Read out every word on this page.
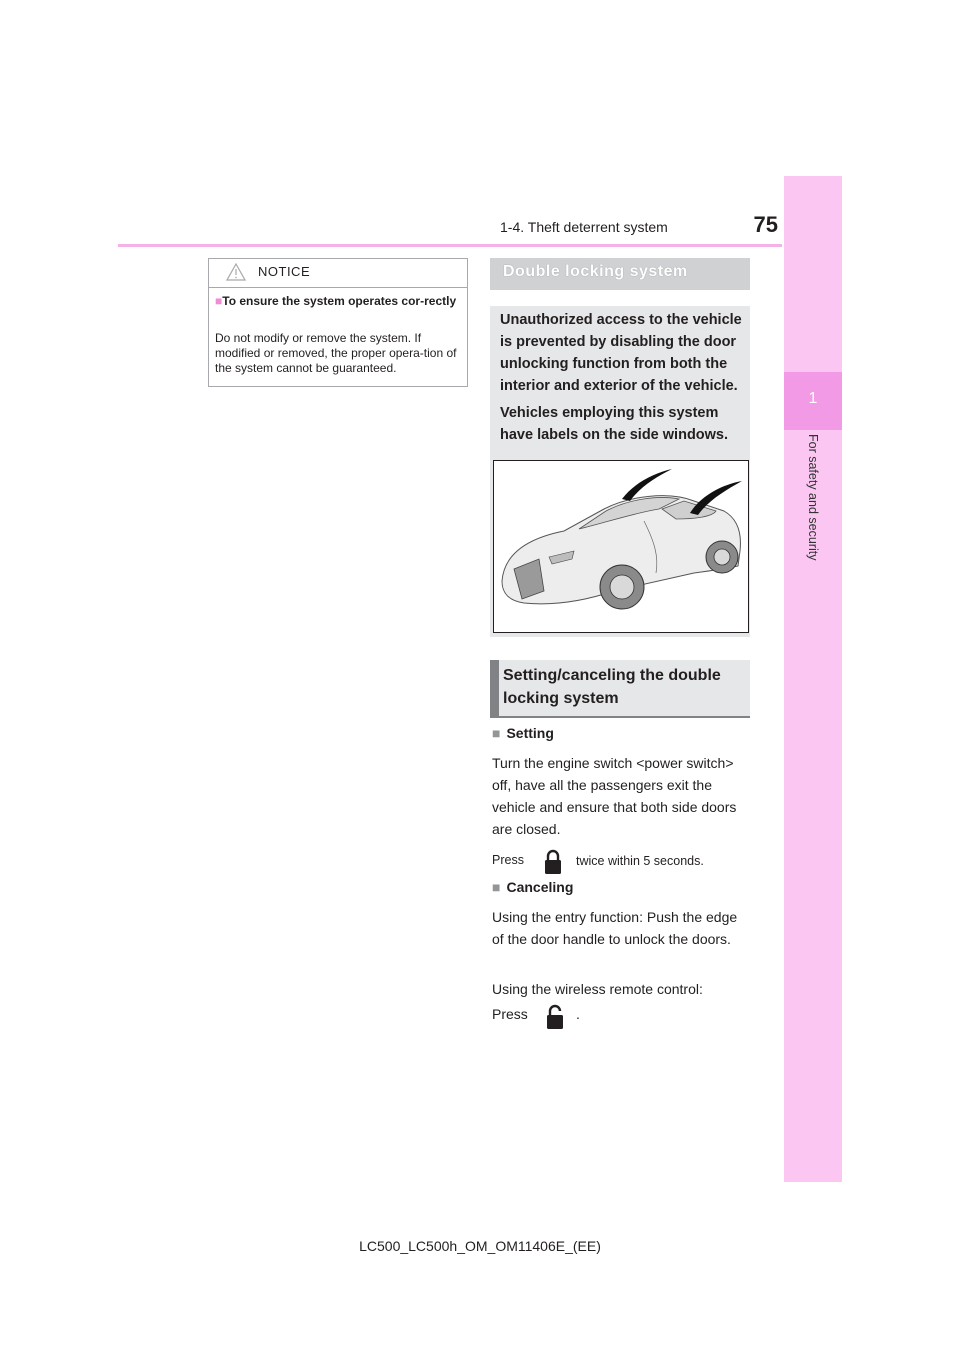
75
1-4. Theft deterrent system
1
For safety and security
NOTICE
■To ensure the system operates cor-rectly
Do not modify or remove the system. If modified or removed, the proper opera-tion of the system cannot be guaranteed.
Double locking system
Unauthorized access to the vehicle is prevented by disabling the door unlocking function from both the interior and exterior of the vehicle.
Vehicles employing this system have labels on the side windows.
Setting/canceling the double locking system
■ Setting
Turn the engine switch <power switch> off, have all the passengers exit the vehicle and ensure that both side doors are closed.
Press	twice within 5 seconds.
■ Canceling
Using the entry function: Push the edge of the door handle to unlock the doors.
Using the wireless remote control:
Press	.
LC500_LC500h_OM_OM11406E_(EE)
